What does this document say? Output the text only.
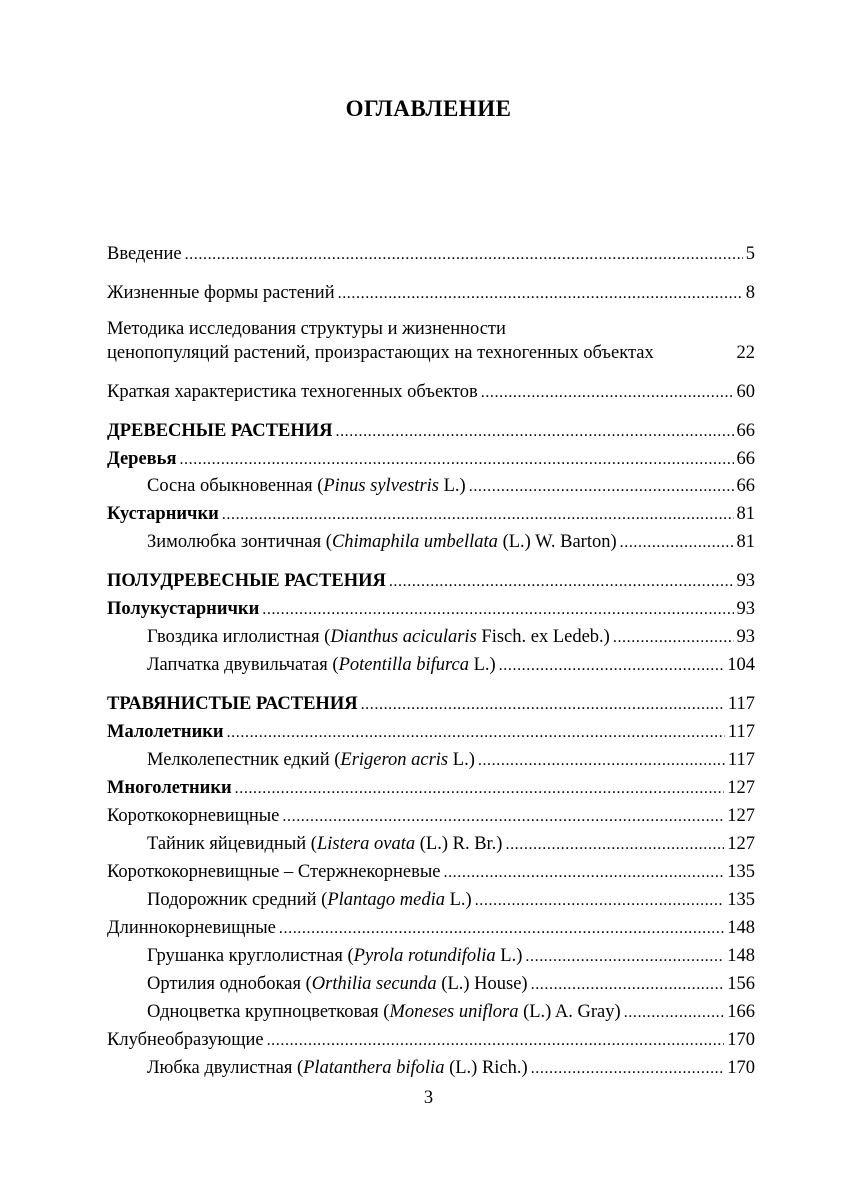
ОГЛАВЛЕНИЕ
Введение .....	5
Жизненные формы растений .....	8
Методика исследования структуры и жизненности
ценопопуляций растений, произрастающих на техногенных объектах	22
Краткая характеристика техногенных объектов .....	60
ДРЕВЕСНЫЕ РАСТЕНИЯ .....	66
Деревья .....	66
Сосна обыкновенная (Pinus sylvestris L.) .....	66
Кустарнички .....	81
Зимолюбка зонтичная (Chimaphila umbellata (L.) W. Barton) .....	81
ПОЛУДРЕВЕСНЫЕ РАСТЕНИЯ .....	93
Полукустарнички .....	93
Гвоздика иглолистная (Dianthus acicularis Fisch. ex Ledeb.) .....	93
Лапчатка двувильчатая (Potentilla bifurca L.) .....	104
ТРАВЯНИСТЫЕ РАСТЕНИЯ .....	117
Малолетники .....	117
Мелколепестник едкий (Erigeron acris L.) .....	117
Многолетники .....	127
Короткокорневищные .....	127
Тайник яйцевидный (Listera ovata (L.) R. Br.) .....	127
Короткокорневищные – Стержнекорневые .....	135
Подорожник средний (Plantago media L.) .....	135
Длиннокорневищные .....	148
Грушанка круглолистная (Pyrola rotundifolia L.) .....	148
Ортилия однобокая (Orthilia secunda (L.) House) .....	156
Одноцветка крупноцветковая (Moneses uniflora (L.) A. Gray) .....	166
Клубнеобразующие .....	170
Любка двулистная (Platanthera bifolia (L.) Rich.) .....	170
3
